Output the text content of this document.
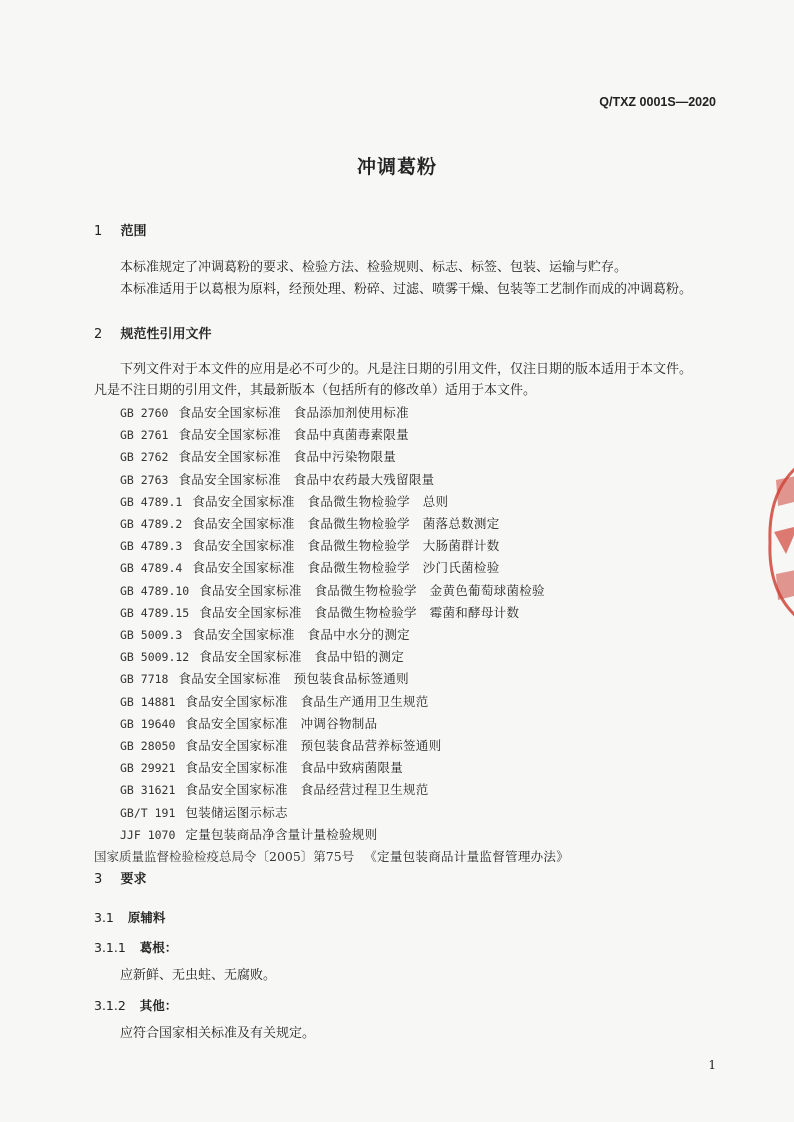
Q/TXZ 0001S—2020
冲调葛粉
1 范围
本标准规定了冲调葛粉的要求、检验方法、检验规则、标志、标签、包装、运输与贮存。
本标准适用于以葛根为原料，经预处理、粉碎、过滤、喷雾干燥、包装等工艺制作而成的冲调葛粉。
2 规范性引用文件
下列文件对于本文件的应用是必不可少的。凡是注日期的引用文件，仅注日期的版本适用于本文件。
凡是不注日期的引用文件，其最新版本（包括所有的修改单）适用于本文件。
GB 2760 食品安全国家标准　食品添加剂使用标准
GB 2761 食品安全国家标准　食品中真菌毒素限量
GB 2762 食品安全国家标准　食品中污染物限量
GB 2763 食品安全国家标准　食品中农药最大残留限量
GB 4789.1 食品安全国家标准　食品微生物检验学　总则
GB 4789.2 食品安全国家标准　食品微生物检验学　菌落总数测定
GB 4789.3 食品安全国家标准　食品微生物检验学　大肠菌群计数
GB 4789.4 食品安全国家标准　食品微生物检验学　沙门氏菌检验
GB 4789.10 食品安全国家标准　食品微生物检验学　金黄色葡萄球菌检验
GB 4789.15 食品安全国家标准　食品微生物检验学　霉菌和酵母计数
GB 5009.3 食品安全国家标准　食品中水分的测定
GB 5009.12 食品安全国家标准　食品中铅的测定
GB 7718 食品安全国家标准　预包装食品标签通则
GB 14881 食品安全国家标准　食品生产通用卫生规范
GB 19640 食品安全国家标准　冲调谷物制品
GB 28050 食品安全国家标准　预包装食品营养标签通则
GB 29921 食品安全国家标准　食品中致病菌限量
GB 31621 食品安全国家标准　食品经营过程卫生规范
GB/T 191 包装储运图示标志
JJF 1070 定量包装商品净含量计量检验规则
国家质量监督检验检疫总局令〔2005〕第75号 《定量包装商品计量监督管理办法》
3 要求
3.1 原辅料
3.1.1 葛根：
应新鲜、无虫蛀、无腐败。
3.1.2 其他：
应符合国家相关标准及有关规定。
1
